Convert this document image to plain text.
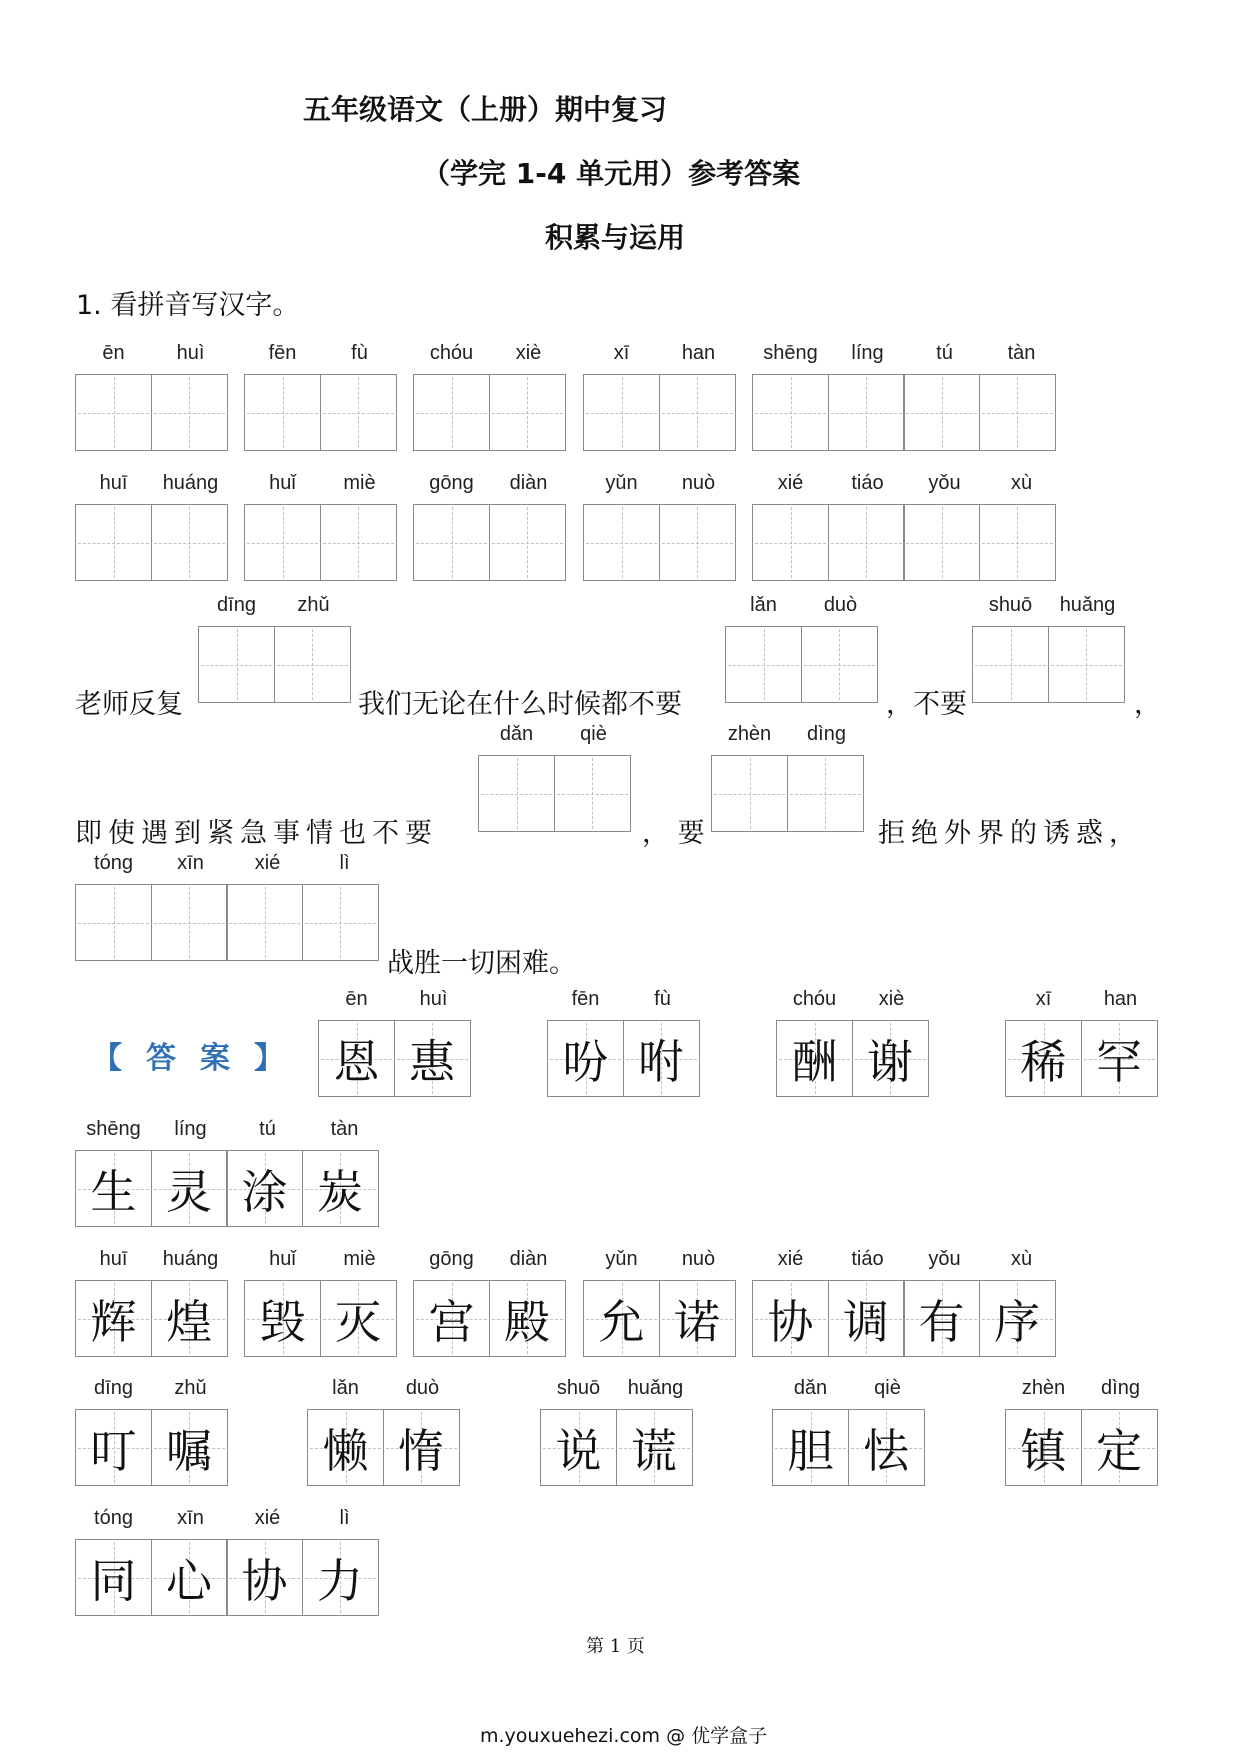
五年级语文（上册）期中复习
（学完 1-4 单元用）参考答案
积累与运用
1. 看拼音写汉字。
ēn	huì	fēn	fù	chóu	xiè	xī	han	shēng	líng	tú	tàn
huī	huáng	huǐ	miè	gōng	diàn	yǔn	nuò	xié	tiáo	yǒu	xù
dīng	zhǔ	lǎn	duò	shuō	huǎng
dǎn	qiè	zhèn	dìng
tóng	xīn	xié	lì
老师反复	我们无论在什么时候都不要	，不要	，
即使遇到紧急事情也不要	， 要	拒绝外界的诱惑，
战胜一切困难。
【 答 案 】
ēn	huì
恩 惠
fēn	fù
吩 咐
chóu	xiè
酬 谢
xī	han
稀 罕
shēng	líng	tú	tàn
生 灵 涂 炭
huī	huáng
辉 煌
huǐ	miè
毁 灭
gōng	diàn
宫 殿
yǔn	nuò
允 诺
xié	tiáo	yǒu	xù
协 调 有 序
dīng	zhǔ
叮 嘱
lǎn	duò
懒 惰
shuō	huǎng
说 谎
dǎn	qiè
胆 怯
zhèn	dìng
镇 定
tóng	xīn	xié	lì
同 心 协 力
第 1 页
m.youxuehezi.com @ 优学盒子
